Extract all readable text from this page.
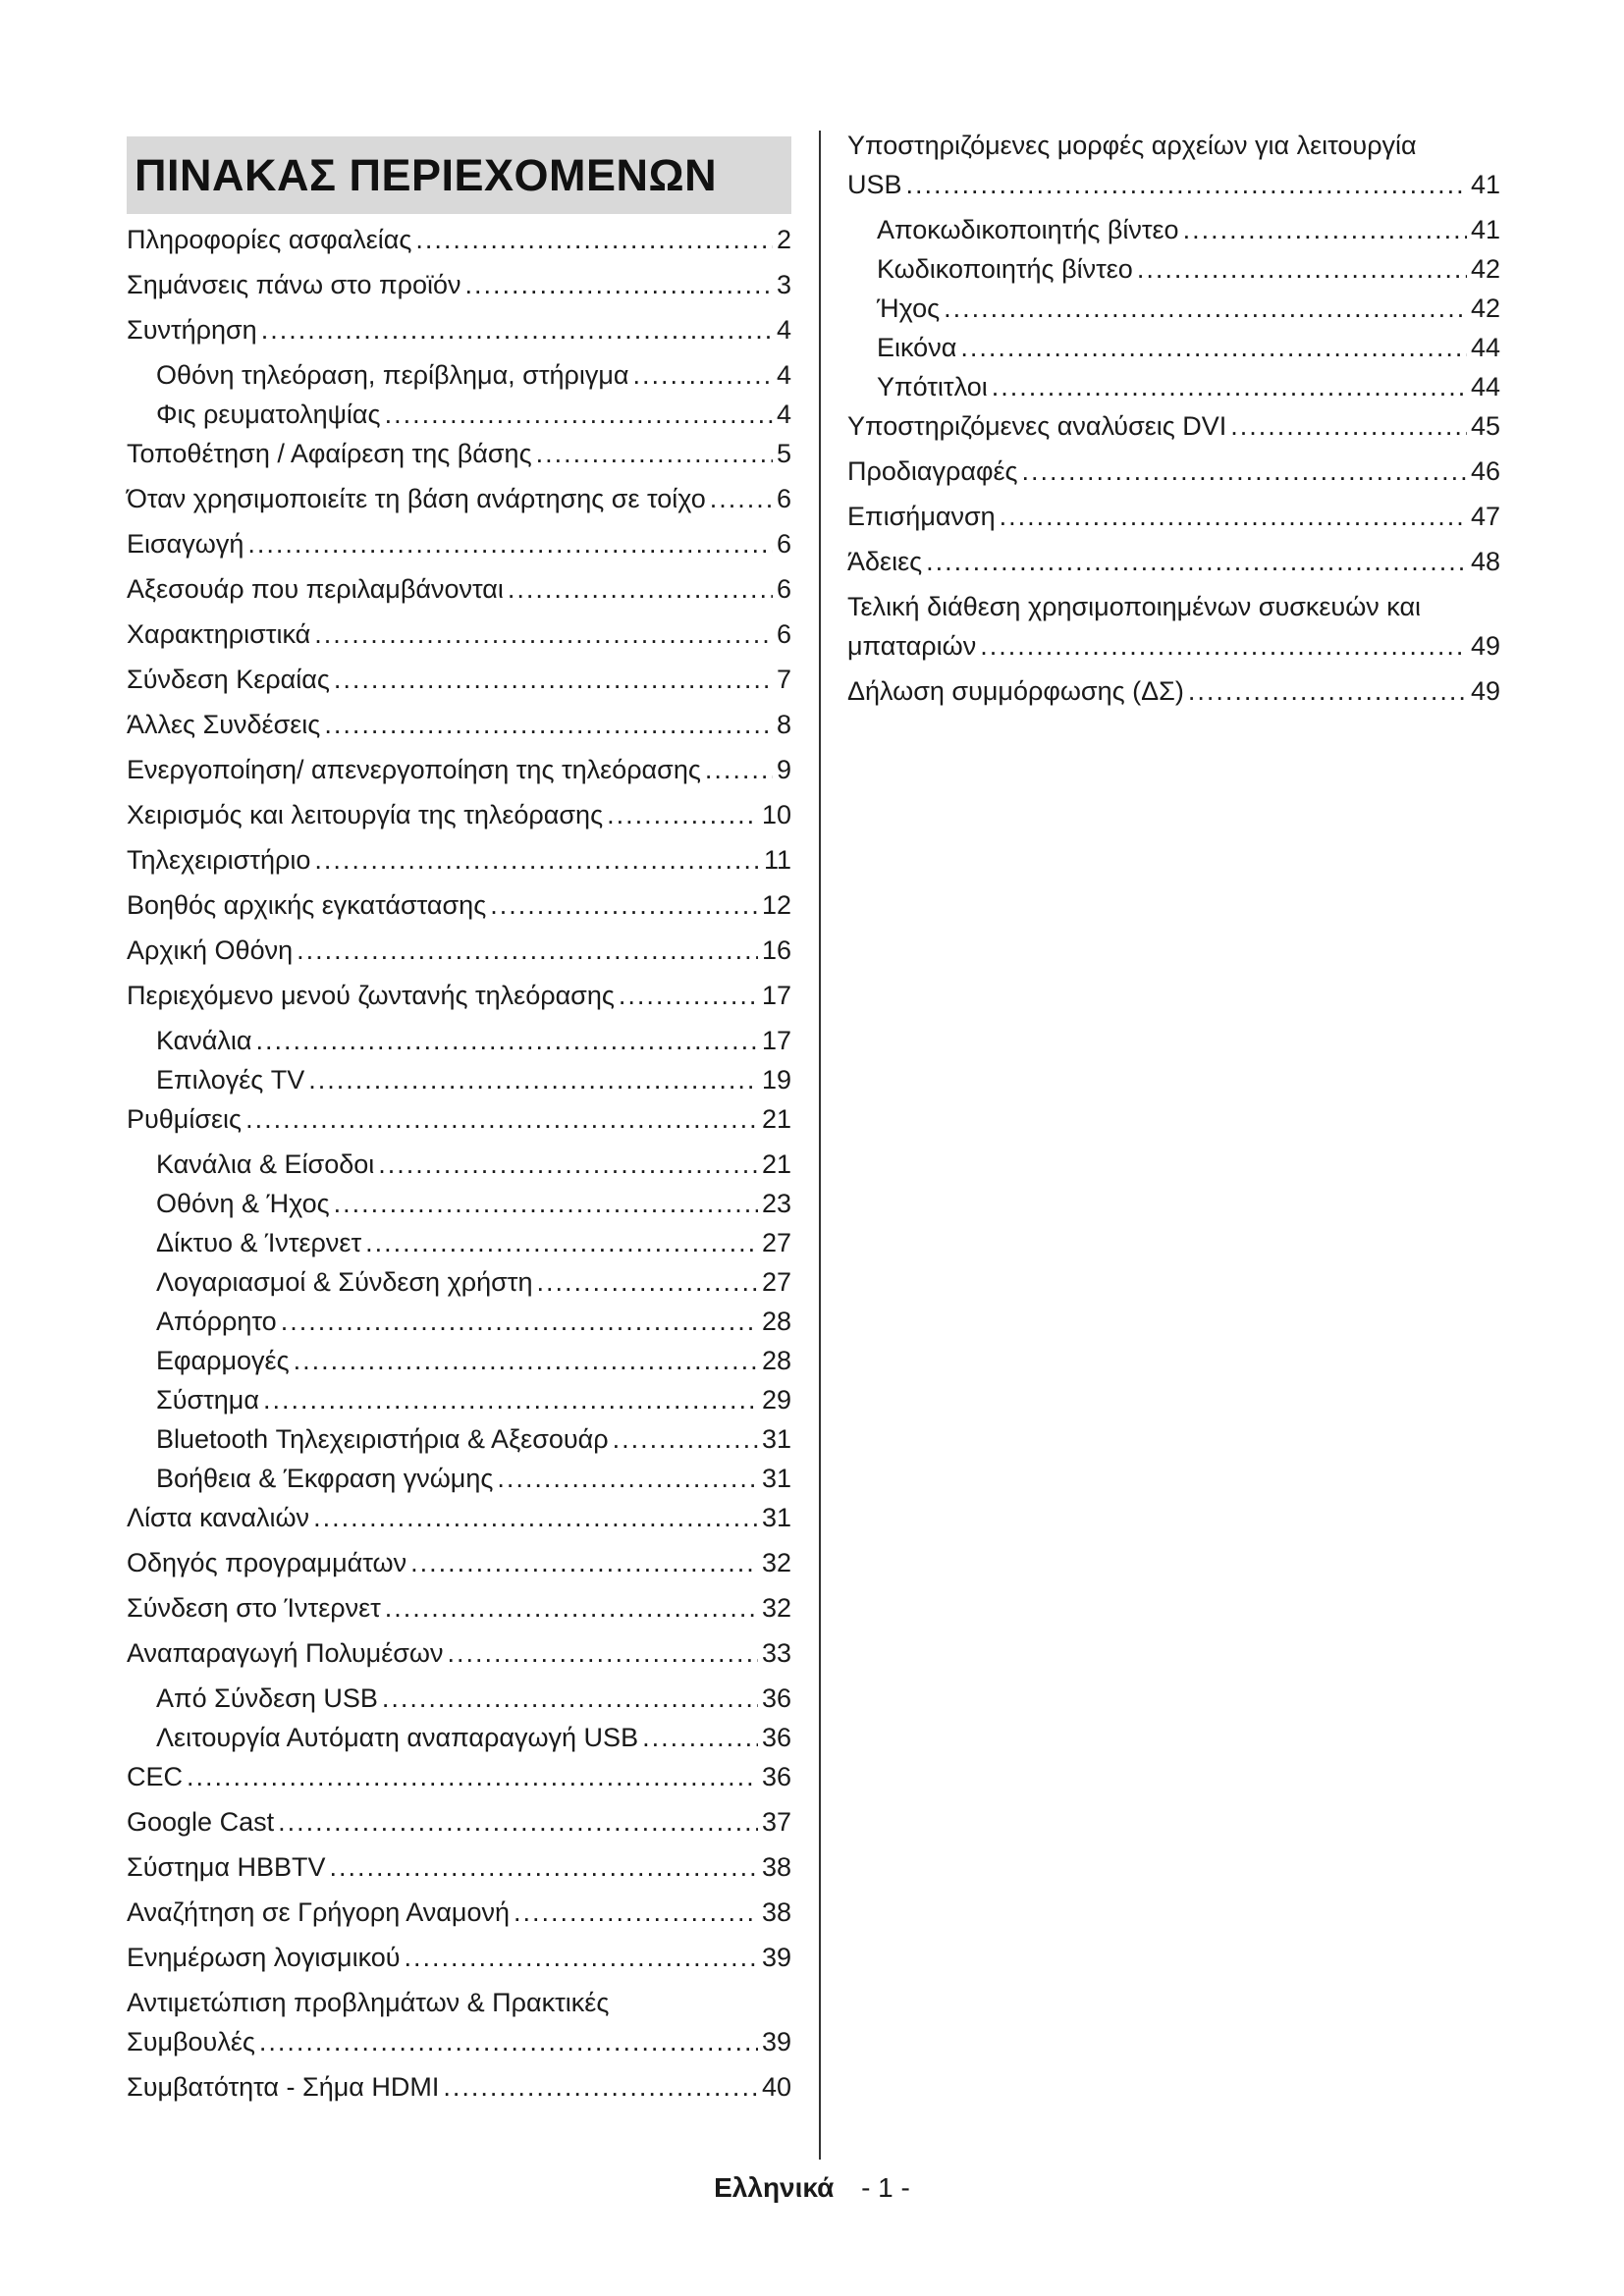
ΠΙΝΑΚΑΣ ΠΕΡΙΕΧΟΜΕΝΩΝ
Πληροφορίες ασφαλείας .....	2
Σημάνσεις πάνω στο προϊόν .....	3
Συντήρηση .....	4
Οθόνη τηλεόραση, περίβλημα, στήριγμα .....	4
Φις ρευματοληψίας .....	4
Τοποθέτηση / Αφαίρεση της βάσης .....	5
Όταν χρησιμοποιείτε τη βάση ανάρτησης σε τοίχο .....	6
Εισαγωγή .....	6
Αξεσουάρ που περιλαμβάνονται .....	6
Χαρακτηριστικά .....	6
Σύνδεση Κεραίας .....	7
Άλλες Συνδέσεις .....	8
Ενεργοποίηση/ απενεργοποίηση της τηλεόρασης .....	9
Χειρισμός και λειτουργία της τηλεόρασης .....	10
Τηλεχειριστήριο .....	11
Βοηθός αρχικής εγκατάστασης .....	12
Αρχική Οθόνη .....	16
Περιεχόμενο μενού ζωντανής τηλεόρασης .....	17
Κανάλια .....	17
Επιλογές TV .....	19
Ρυθμίσεις .....	21
Κανάλια & Είσοδοι .....	21
Οθόνη & Ήχος .....	23
Δίκτυο & Ίντερνετ .....	27
Λογαριασμοί & Σύνδεση χρήστη .....	27
Απόρρητο .....	28
Εφαρμογές .....	28
Σύστημα .....	29
Bluetooth Τηλεχειριστήρια & Αξεσουάρ .....	31
Βοήθεια & Έκφραση γνώμης .....	31
Λίστα καναλιών .....	31
Οδηγός προγραμμάτων .....	32
Σύνδεση στο Ίντερνετ .....	32
Αναπαραγωγή Πολυμέσων .....	33
Από Σύνδεση USB .....	36
Λειτουργία Αυτόματη αναπαραγωγή USB .....	36
CEC .....	36
Google Cast .....	37
Σύστημα HBBTV .....	38
Αναζήτηση σε Γρήγορη Αναμονή .....	38
Ενημέρωση λογισμικού .....	39
Αντιμετώπιση προβλημάτων & Πρακτικές
Συμβουλές .....	39
Συμβατότητα - Σήμα HDMI .....	40
Υποστηριζόμενες μορφές αρχείων για λειτουργία
USB .....	41
Αποκωδικοποιητής βίντεο .....	41
Κωδικοποιητής βίντεο .....	42
Ήχος .....	42
Εικόνα .....	44
Υπότιτλοι .....	44
Υποστηριζόμενες αναλύσεις DVI .....	45
Προδιαγραφές .....	46
Επισήμανση .....	47
Άδειες .....	48
Τελική διάθεση χρησιμοποιημένων συσκευών και
μπαταριών .....	49
Δήλωση συμμόρφωσης (ΔΣ) .....	49
Ελληνικά - 1 -
